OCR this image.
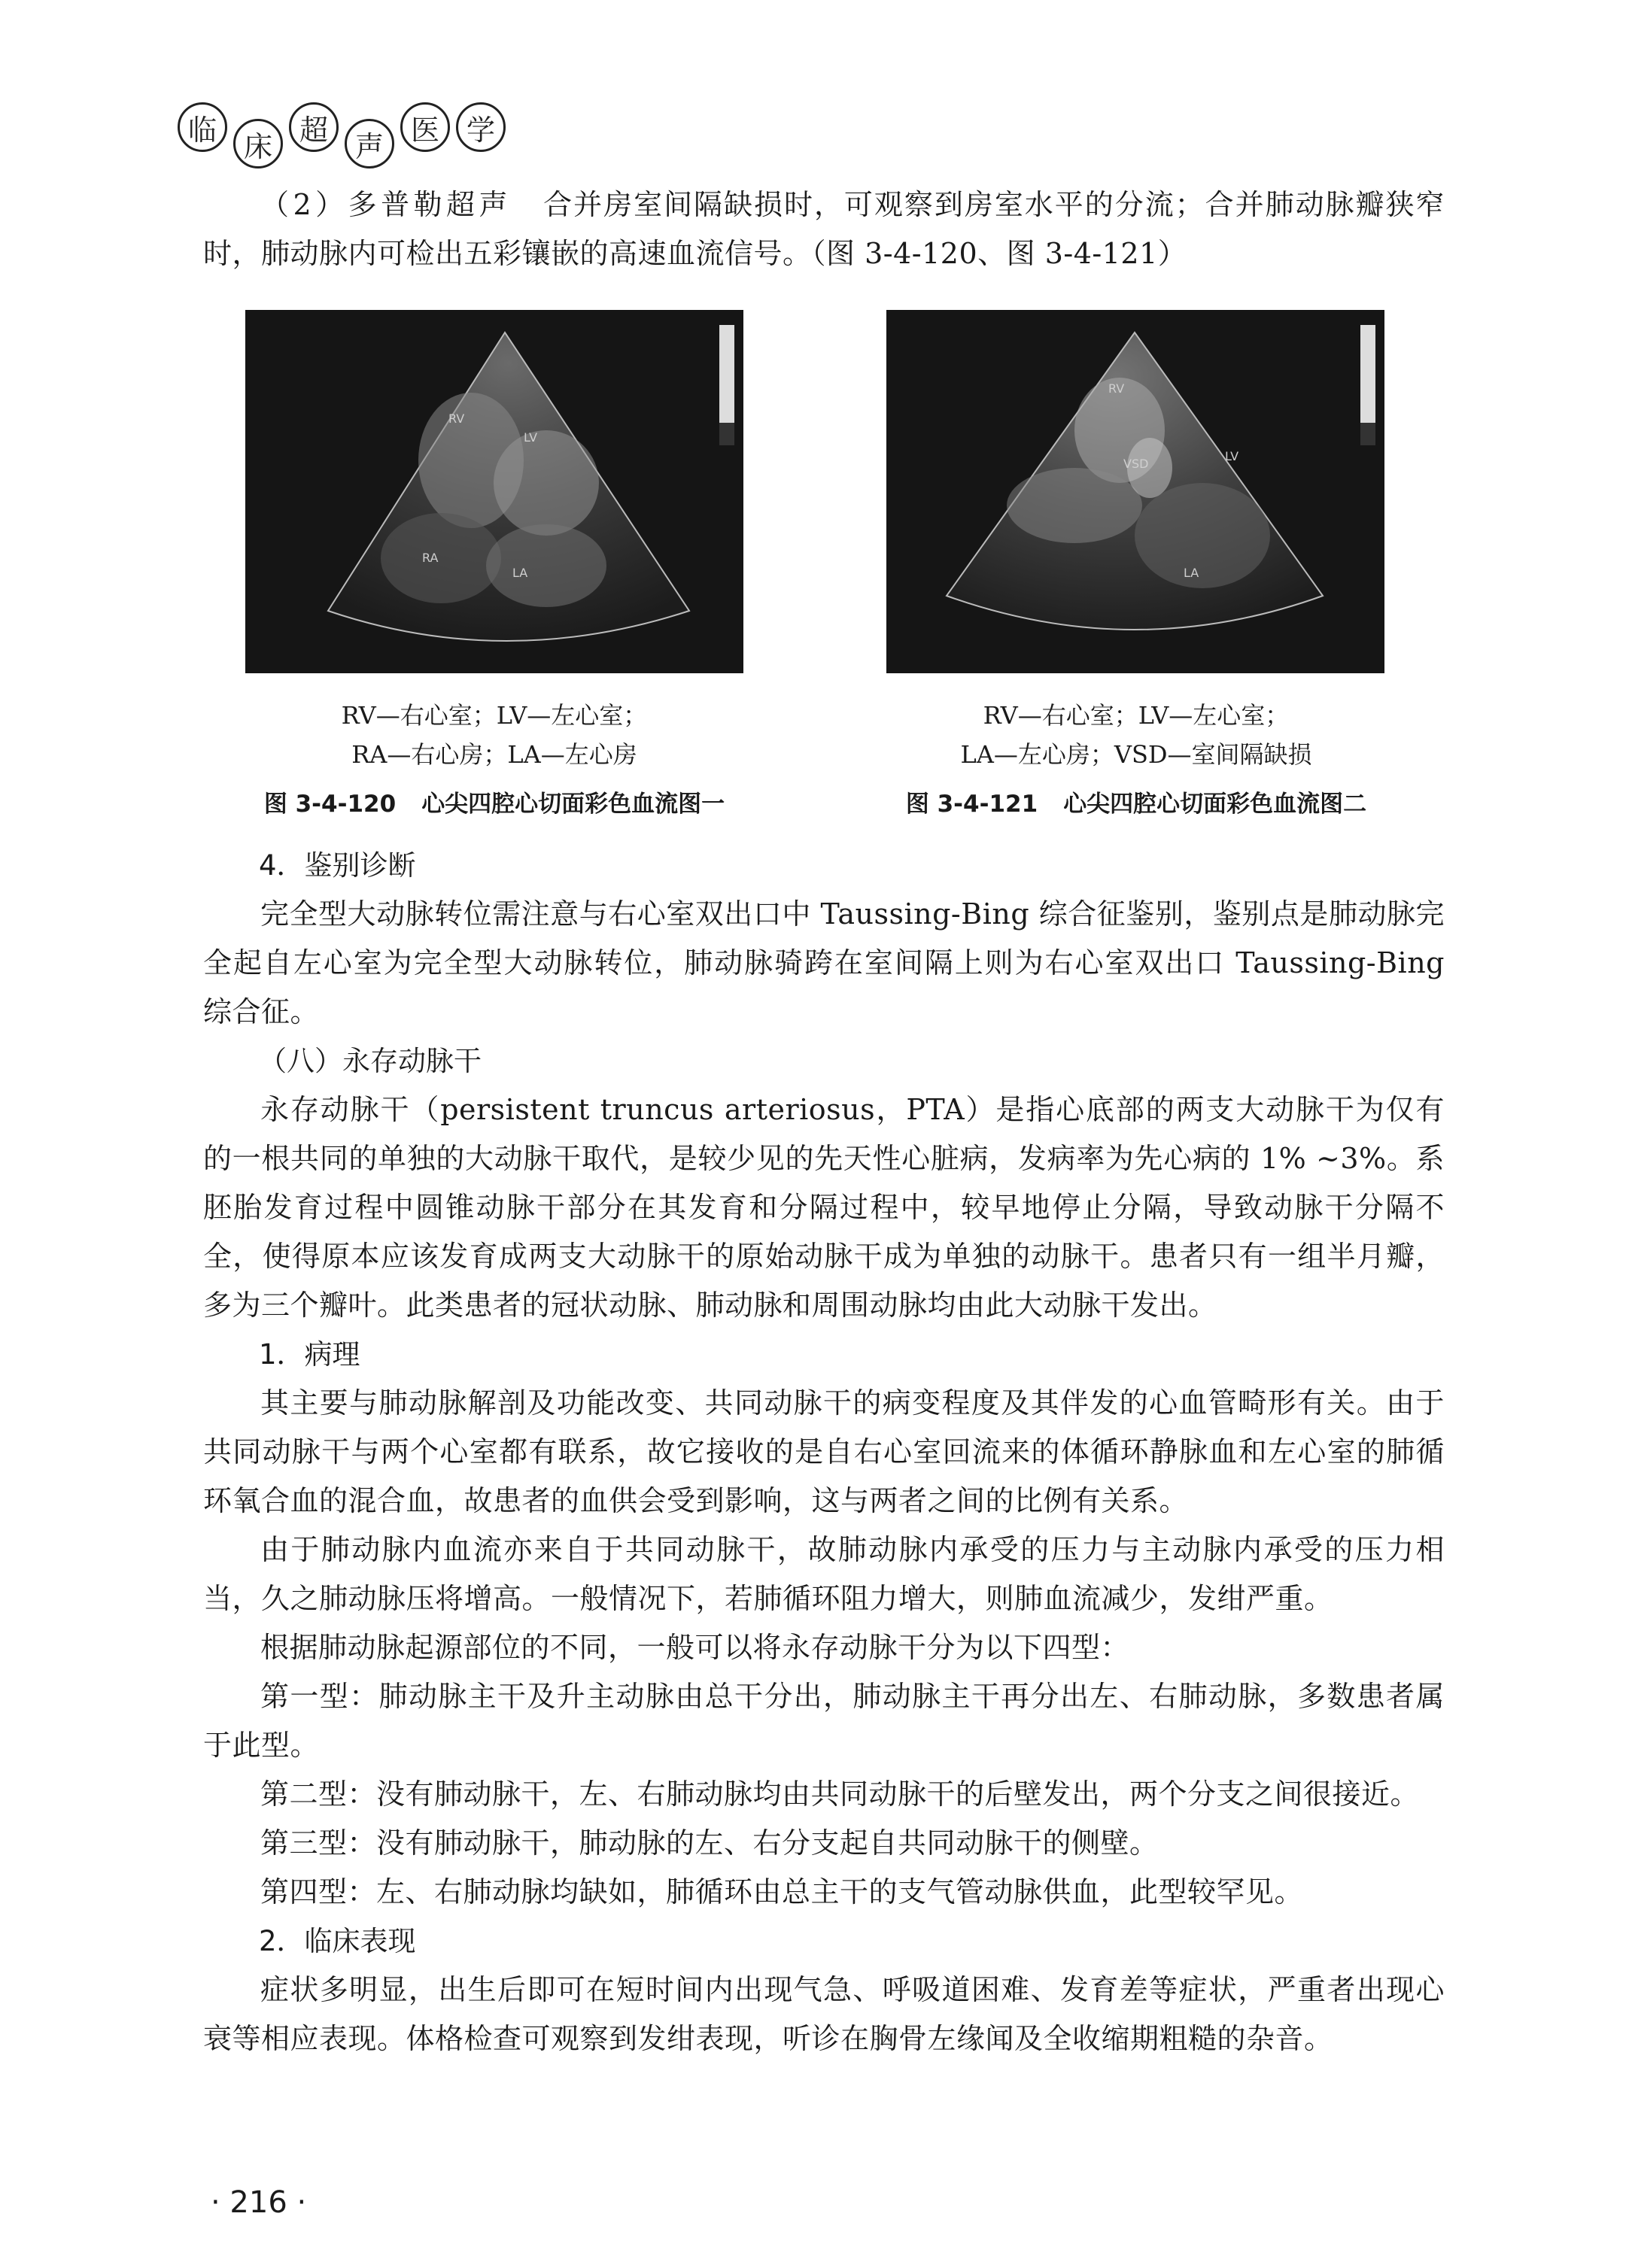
临 床 超 声 医 学

（2）多普勒超声 合并房室间隔缺损时，可观察到房室水平的分流；合并肺动脉瓣狭窄时，肺动脉内可检出五彩镶嵌的高速血流信号。（图 3-4-120、图 3-4-121）

RV
LV
RA
LA
RV—右心室；LV—左心室；
RA—右心房；LA—左心房
图 3-4-120 心尖四腔心切面彩色血流图一
RV
VSD
LV
LA
RV—右心室；LV—左心室；
LA—左心房；VSD—室间隔缺损
图 3-4-121 心尖四腔心切面彩色血流图二
4．鉴别诊断

完全型大动脉转位需注意与右心室双出口中 Taussing-Bing 综合征鉴别，鉴别点是肺动脉完全起自左心室为完全型大动脉转位，肺动脉骑跨在室间隔上则为右心室双出口 Taussing-Bing 综合征。

（八）永存动脉干

永存动脉干（persistent truncus arteriosus，PTA）是指心底部的两支大动脉干为仅有的一根共同的单独的大动脉干取代，是较少见的先天性心脏病，发病率为先心病的 1% ~3%。系胚胎发育过程中圆锥动脉干部分在其发育和分隔过程中，较早地停止分隔，导致动脉干分隔不全，使得原本应该发育成两支大动脉干的原始动脉干成为单独的动脉干。患者只有一组半月瓣，多为三个瓣叶。此类患者的冠状动脉、肺动脉和周围动脉均由此大动脉干发出。

1．病理

其主要与肺动脉解剖及功能改变、共同动脉干的病变程度及其伴发的心血管畸形有关。由于共同动脉干与两个心室都有联系，故它接收的是自右心室回流来的体循环静脉血和左心室的肺循环氧合血的混合血，故患者的血供会受到影响，这与两者之间的比例有关系。

由于肺动脉内血流亦来自于共同动脉干，故肺动脉内承受的压力与主动脉内承受的压力相当，久之肺动脉压将增高。一般情况下，若肺循环阻力增大，则肺血流减少，发绀严重。

根据肺动脉起源部位的不同，一般可以将永存动脉干分为以下四型：

第一型：肺动脉主干及升主动脉由总干分出，肺动脉主干再分出左、右肺动脉，多数患者属于此型。

第二型：没有肺动脉干，左、右肺动脉均由共同动脉干的后壁发出，两个分支之间很接近。

第三型：没有肺动脉干，肺动脉的左、右分支起自共同动脉干的侧壁。

第四型：左、右肺动脉均缺如，肺循环由总主干的支气管动脉供血，此型较罕见。

2．临床表现

症状多明显，出生后即可在短时间内出现气急、呼吸道困难、发育差等症状，严重者出现心衰等相应表现。体格检查可观察到发绀表现，听诊在胸骨左缘闻及全收缩期粗糙的杂音。

· 216 ·
